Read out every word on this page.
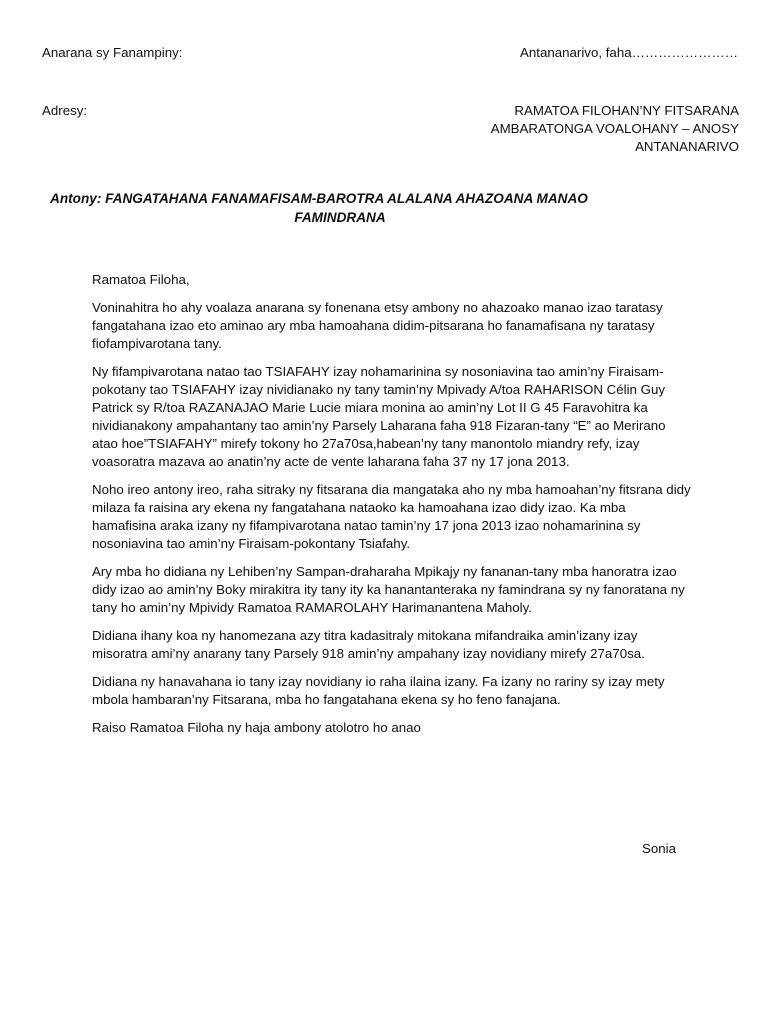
Anarana sy Fanampiny:	Antananarivo, faha……………………
Adresy:	RAMATOA FILOHAN’NY FITSARANA
AMBARATONGA VOALOHANY – ANOSY
ANTANANARIVO
Antony: FANGATAHANA FANAMAFISAM-BAROTRA ALALANA AHAZOANA MANAO
FAMINDRANA

Ramatoa Filoha,

Voninahitra ho ahy voalaza anarana sy fonenana etsy ambony no ahazoako manao izao taratasy fangatahana izao eto aminao ary mba hamoahana didim-pitsarana ho fanamafisana ny taratasy fiofampivarotana tany.

Ny fifampivarotana natao tao TSIAFAHY izay nohamarinina sy nosoniavina tao amin’ny Firaisam-pokotany tao TSIAFAHY izay nividianako ny tany tamin’ny Mpivady A/toa RAHARISON Célin Guy Patrick sy R/toa RAZANAJAO Marie Lucie miara monina ao amin’ny Lot II G 45 Faravohitra ka nividianakony ampahantany tao amin’ny Parsely Laharana faha 918 Fizaran-tany “E” ao Merirano atao hoe”TSIAFAHY” mirefy tokony ho 27a70sa,habean’ny tany manontolo miandry refy, izay voasoratra mazava ao anatin’ny acte de vente laharana faha 37 ny 17 jona 2013.

Noho ireo antony ireo, raha sitraky ny fitsarana dia mangataka aho ny mba hamoahan’ny fitsrana didy milaza fa raisina ary ekena ny fangatahana nataoko ka hamoahana izao didy izao. Ka mba hamafisina araka izany ny fifampivarotana natao tamin’ny 17 jona 2013 izao nohamarinina sy nosoniavina tao amin’ny Firaisam-pokontany Tsiafahy.

Ary mba ho didiana ny Lehiben’ny Sampan-draharaha Mpikajy ny fananan-tany mba hanoratra izao didy izao ao amin’ny Boky mirakitra ity tany ity ka hanantanteraka ny famindrana sy ny fanoratana ny tany ho amin’ny Mpividy Ramatoa RAMAROLAHY Harimanantena Maholy.

Didiana ihany koa ny hanomezana azy titra kadasitraly mitokana mifandraika amin’izany izay misoratra ami’ny anarany tany Parsely 918 amin’ny ampahany izay novidiany mirefy 27a70sa.

Didiana ny hanavahana io tany izay novidiany io raha ilaina izany. Fa izany no rariny sy izay mety mbola hambaran’ny Fitsarana, mba ho fangatahana ekena sy ho feno fanajana.

Raiso Ramatoa Filoha ny haja ambony atolotro ho anao

Sonia
